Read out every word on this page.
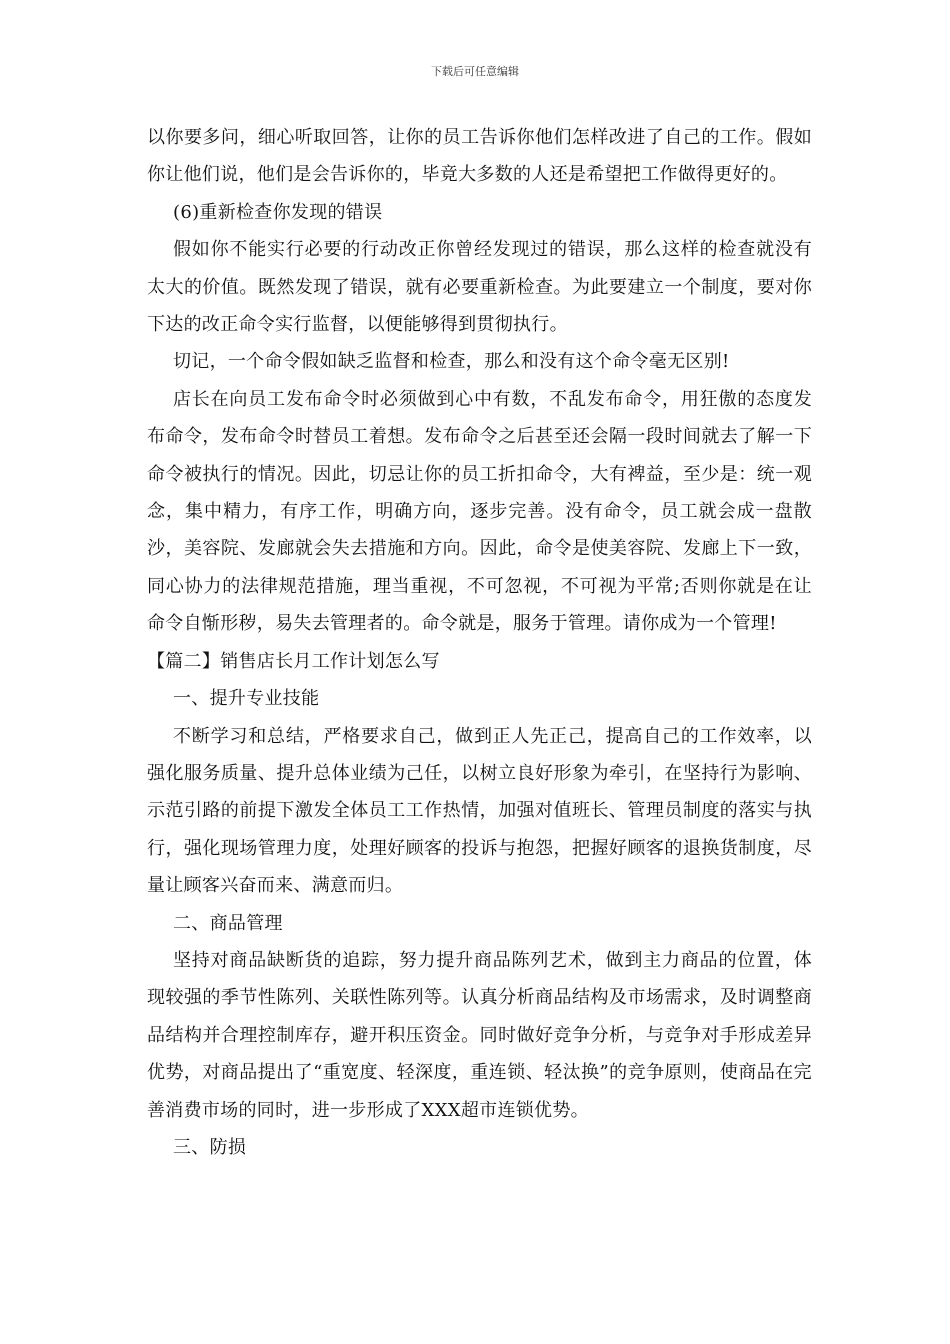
下载后可任意编辑

以你要多问，细心听取回答，让你的员工告诉你他们怎样改进了自己的工作。假如你让他们说，他们是会告诉你的，毕竟大多数的人还是希望把工作做得更好的。

(6)重新检查你发现的错误

假如你不能实行必要的行动改正你曾经发现过的错误，那么这样的检查就没有太大的价值。既然发现了错误，就有必要重新检查。为此要建立一个制度，要对你下达的改正命令实行监督，以便能够得到贯彻执行。

切记，一个命令假如缺乏监督和检查，那么和没有这个命令毫无区别!

店长在向员工发布命令时必须做到心中有数，不乱发布命令，用狂傲的态度发布命令，发布命令时替员工着想。发布命令之后甚至还会隔一段时间就去了解一下命令被执行的情况。因此，切忌让你的员工折扣命令，大有裨益，至少是：统一观念，集中精力，有序工作，明确方向，逐步完善。没有命令，员工就会成一盘散沙，美容院、发廊就会失去措施和方向。因此，命令是使美容院、发廊上下一致，同心协力的法律规范措施，理当重视，不可忽视，不可视为平常;否则你就是在让命令自惭形秽，易失去管理者的。命令就是，服务于管理。请你成为一个管理!

【篇二】销售店长月工作计划怎么写

一、提升专业技能

不断学习和总结，严格要求自己，做到正人先正己，提高自己的工作效率，以强化服务质量、提升总体业绩为己任，以树立良好形象为牵引，在坚持行为影响、示范引路的前提下激发全体员工工作热情，加强对值班长、管理员制度的落实与执行，强化现场管理力度，处理好顾客的投诉与抱怨，把握好顾客的退换货制度，尽量让顾客兴奋而来、满意而归。

二、商品管理

坚持对商品缺断货的追踪，努力提升商品陈列艺术，做到主力商品的位置，体现较强的季节性陈列、关联性陈列等。认真分析商品结构及市场需求，及时调整商品结构并合理控制库存，避开积压资金。同时做好竞争分析，与竞争对手形成差异优势，对商品提出了“重宽度、轻深度，重连锁、轻汰换”的竞争原则，使商品在完善消费市场的同时，进一步形成了XXX超市连锁优势。

三、防损
